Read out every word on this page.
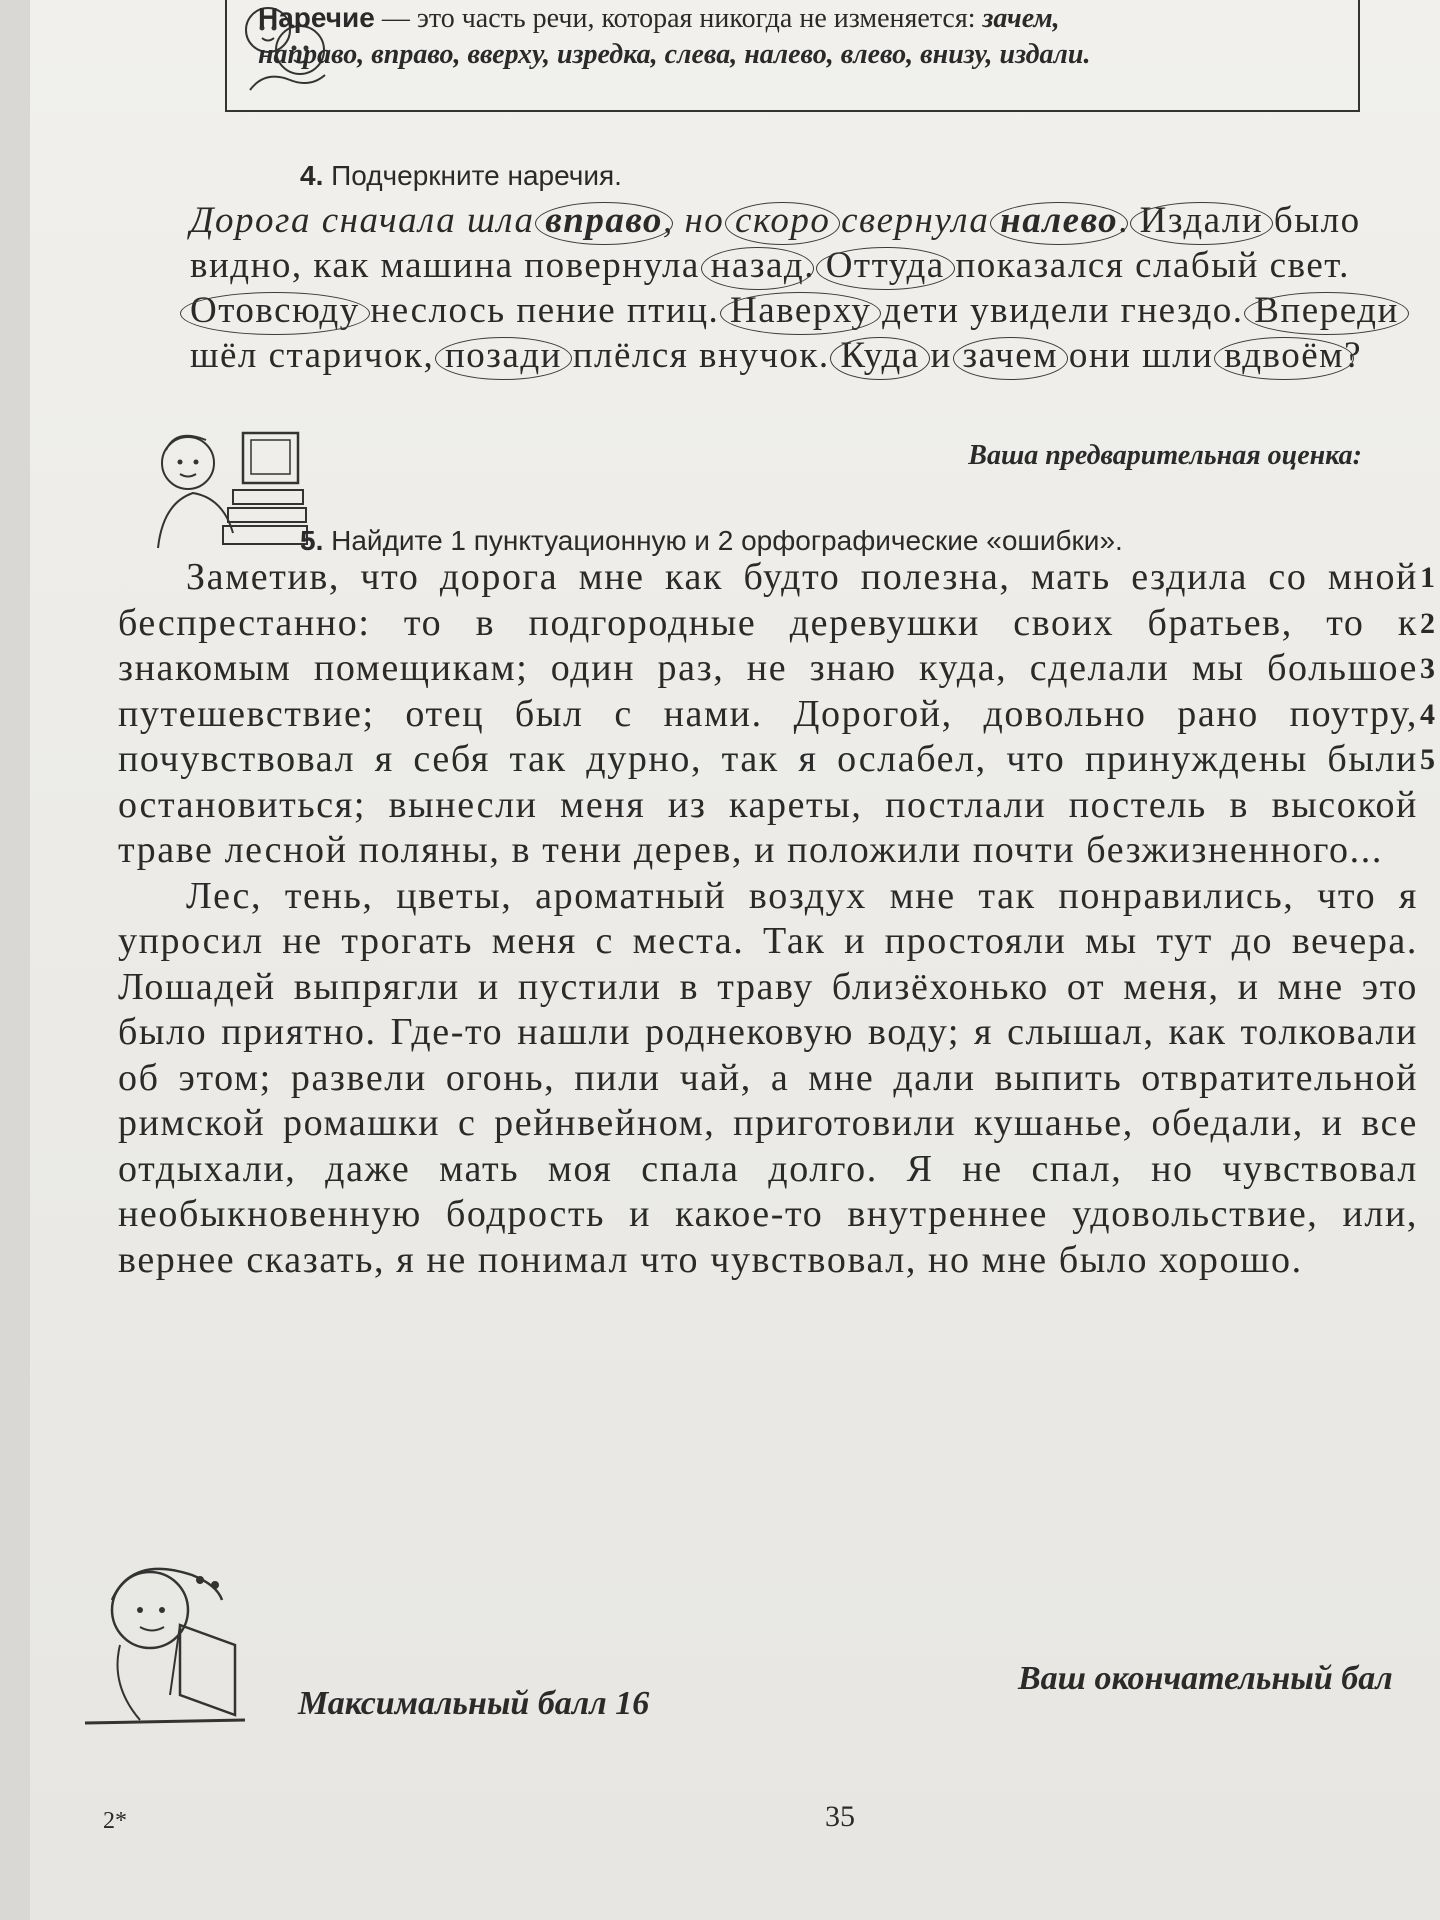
Наречие — это часть речи, которая никогда не изменяется: зачем, направо, вправо, вверху, изредка, слева, налево, влево, внизу, издали.
4. Подчеркните наречия.
Дорога сначала шла вправо
, но скоро
свернула налево
. Издали
было видно, как машина повернула назад
. Оттуда
показался слабый свет. Отовсюду
неслось пение птиц. Наверху
дети увидели гнездо. Впереди
шёл старичок, позади
плёлся внучок. Куда
и зачем
они шли вдвоём
?
Ваша предварительная оценка:
5. Найдите 1 пунктуационную и 2 орфографические «ошибки».

Заметив, что дорога мне как будто полезна, мать ездила со мной беспрестанно: то в подгородные деревушки своих братьев, то к знакомым помещикам; один раз, не знаю куда, сделали мы большое путешевствие; отец был с нами. Дорогой, довольно рано поутру, почувствовал я себя так дурно, так я ослабел, что принуждены были остановиться; вынесли меня из кареты, постлали постель в высокой траве лесной поляны, в тени дерев, и положили почти безжизненного...

Лес, тень, цветы, ароматный воздух мне так понравились, что я упросил не трогать меня с места. Так и простояли мы тут до вечера. Лошадей выпрягли и пустили в траву близёхонько от меня, и мне это было приятно. Где-то нашли роднековую воду; я слышал, как толковали об этом; развели огонь, пили чай, а мне дали выпить отвратительной римской ромашки с рейнвейном, приготовили кушанье, обедали, и все отдыхали, даже мать моя спала долго. Я не спал, но чувствовал необыкновенную бодрость и какое-то внутреннее удовольствие, или, вернее сказать, я не понимал что чувствовал, но мне было хорошо.

1
2
3
4
5
Максимальный балл 16
Ваш окончательный бал
35
2*
